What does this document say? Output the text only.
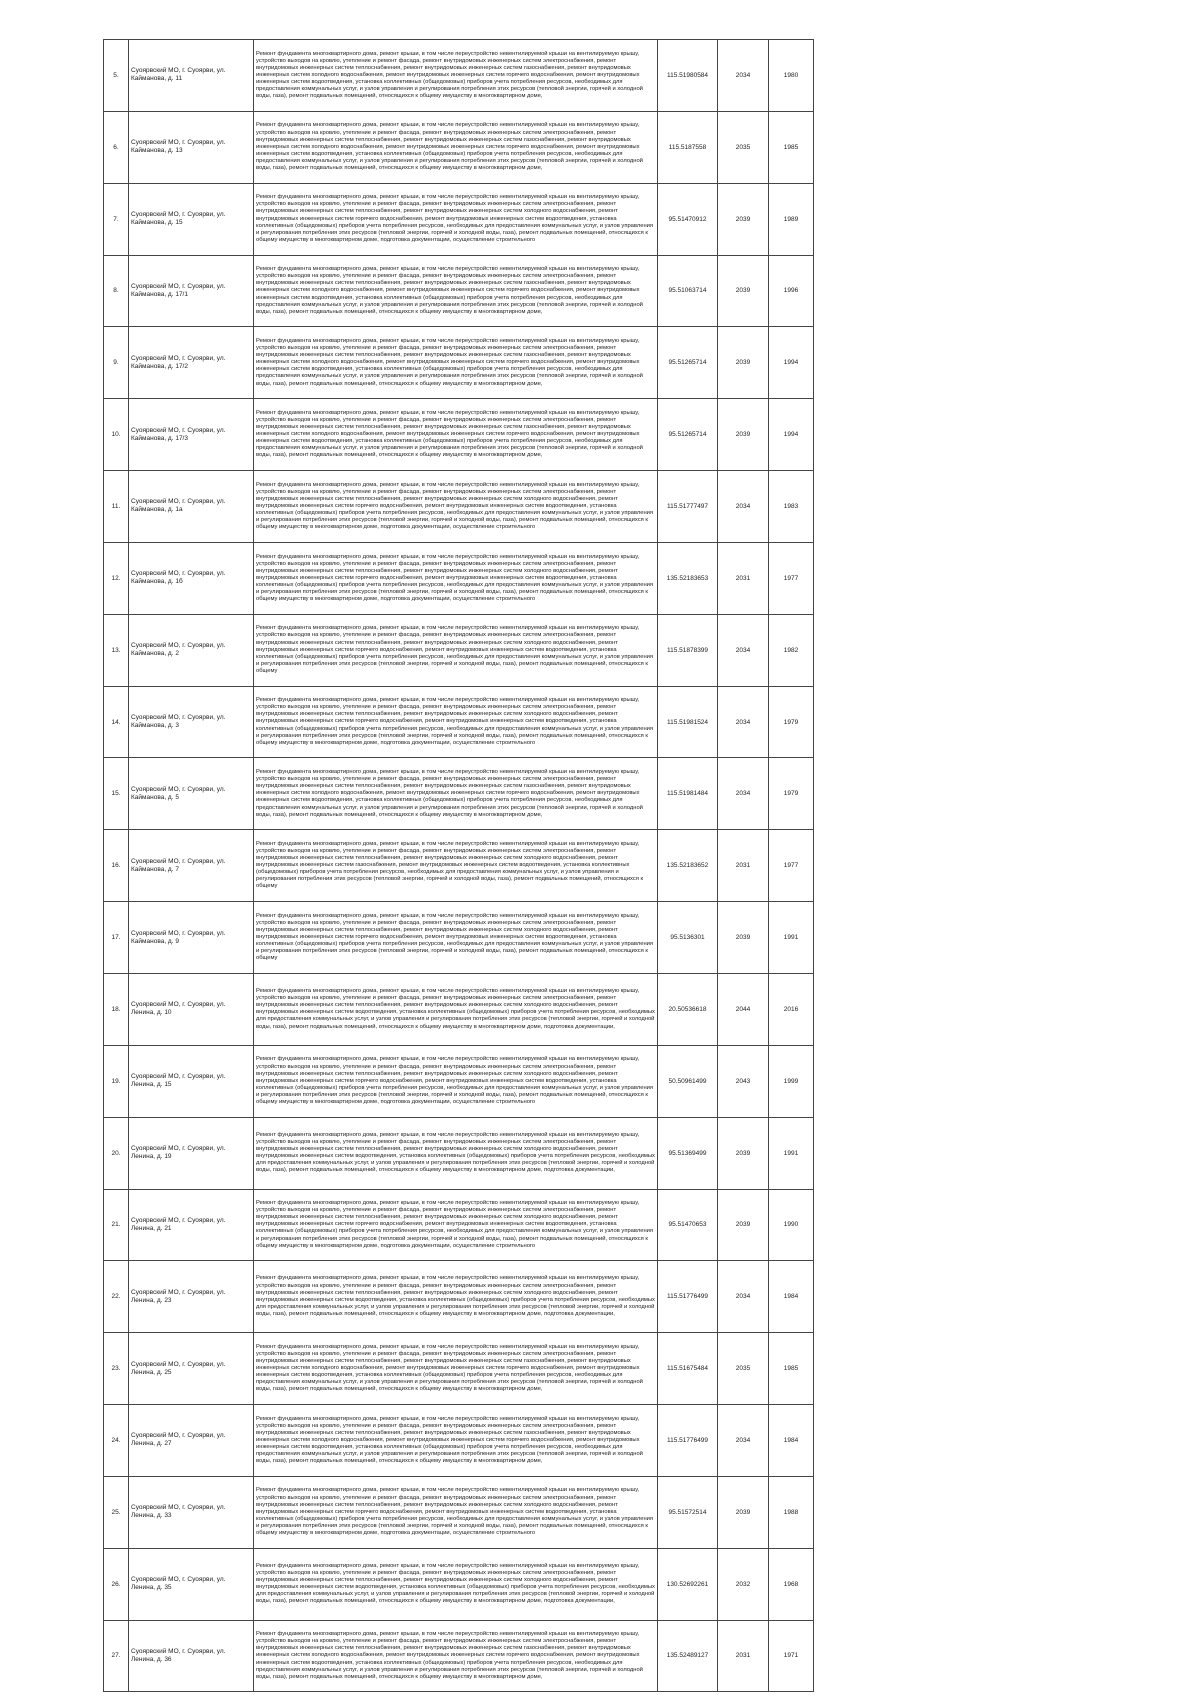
5.	Суоярвский МО, г. Суоярви, ул. Кайманова, д. 11	Ремонт фундамента многоквартирного дома, ремонт крыши, в том числе переустройство невентилируемой крыши на вентилируемую крышу, устройство выходов на кровлю, утепление и ремонт фасада, ремонт внутридомовых инженерных систем электроснабжения, ремонт внутридомовых инженерных систем теплоснабжения, ремонт внутридомовых инженерных систем газоснабжения, ремонт внутридомовых инженерных систем холодного водоснабжения, ремонт внутридомовых инженерных систем горячего водоснабжения, ремонт внутридомовых инженерных систем водоотведения, установка коллективных (общедомовых) приборов учета потребления ресурсов, необходимых для предоставления коммунальных услуг, и узлов управления и регулирования потребления этих ресурсов (тепловой энергии, горячей и холодной воды, газа), ремонт подвальных помещений, относящихся к общему имуществу в многоквартирном доме,	115.51980584	2034	1980
6.	Суоярвский МО, г. Суоярви, ул. Кайманова, д. 13	Ремонт фундамента многоквартирного дома, ремонт крыши, в том числе переустройство невентилируемой крыши на вентилируемую крышу, устройство выходов на кровлю, утепление и ремонт фасада, ремонт внутридомовых инженерных систем электроснабжения, ремонт внутридомовых инженерных систем теплоснабжения, ремонт внутридомовых инженерных систем газоснабжения, ремонт внутридомовых инженерных систем холодного водоснабжения, ремонт внутридомовых инженерных систем горячего водоснабжения, ремонт внутридомовых инженерных систем водоотведения, установка коллективных (общедомовых) приборов учета потребления ресурсов, необходимых для предоставления коммунальных услуг, и узлов управления и регулирования потребления этих ресурсов (тепловой энергии, горячей и холодной воды, газа), ремонт подвальных помещений, относящихся к общему имуществу в многоквартирном доме,	115.5187558	2035	1985
7.	Суоярвский МО, г. Суоярви, ул. Кайманова, д. 15	Ремонт фундамента многоквартирного дома, ремонт крыши, в том числе переустройство невентилируемой крыши на вентилируемую крышу, устройство выходов на кровлю, утепление и ремонт фасада, ремонт внутридомовых инженерных систем электроснабжения, ремонт внутридомовых инженерных систем теплоснабжения, ремонт внутридомовых инженерных систем холодного водоснабжения, ремонт внутридомовых инженерных систем горячего водоснабжения, ремонт внутридомовых инженерных систем водоотведения, установка коллективных (общедомовых) приборов учета потребления ресурсов, необходимых для предоставления коммунальных услуг, и узлов управления и регулирования потребления этих ресурсов (тепловой энергии, горячей и холодной воды, газа), ремонт подвальных помещений, относящихся к общему имуществу в многоквартирном доме, подготовка документации, осуществление строительного	95.51470912	2039	1989
8.	Суоярвский МО, г. Суоярви, ул. Кайманова, д. 17/1	Ремонт фундамента многоквартирного дома, ремонт крыши, в том числе переустройство невентилируемой крыши на вентилируемую крышу, устройство выходов на кровлю, утепление и ремонт фасада, ремонт внутридомовых инженерных систем электроснабжения, ремонт внутридомовых инженерных систем теплоснабжения, ремонт внутридомовых инженерных систем газоснабжения, ремонт внутридомовых инженерных систем холодного водоснабжения, ремонт внутридомовых инженерных систем горячего водоснабжения, ремонт внутридомовых инженерных систем водоотведения, установка коллективных (общедомовых) приборов учета потребления ресурсов, необходимых для предоставления коммунальных услуг, и узлов управления и регулирования потребления этих ресурсов (тепловой энергии, горячей и холодной воды, газа), ремонт подвальных помещений, относящихся к общему имуществу в многоквартирном доме,	95.51063714	2039	1996
9.	Суоярвский МО, г. Суоярви, ул. Кайманова, д. 17/2	Ремонт фундамента многоквартирного дома, ремонт крыши, в том числе переустройство невентилируемой крыши на вентилируемую крышу, устройство выходов на кровлю, утепление и ремонт фасада, ремонт внутридомовых инженерных систем электроснабжения, ремонт внутридомовых инженерных систем теплоснабжения, ремонт внутридомовых инженерных систем газоснабжения, ремонт внутридомовых инженерных систем холодного водоснабжения, ремонт внутридомовых инженерных систем горячего водоснабжения, ремонт внутридомовых инженерных систем водоотведения, установка коллективных (общедомовых) приборов учета потребления ресурсов, необходимых для предоставления коммунальных услуг, и узлов управления и регулирования потребления этих ресурсов (тепловой энергии, горячей и холодной воды, газа), ремонт подвальных помещений, относящихся к общему имуществу в многоквартирном доме,	95.51265714	2039	1994
10.	Суоярвский МО, г. Суоярви, ул. Кайманова, д. 17/3	Ремонт фундамента многоквартирного дома, ремонт крыши, в том числе переустройство невентилируемой крыши на вентилируемую крышу, устройство выходов на кровлю, утепление и ремонт фасада, ремонт внутридомовых инженерных систем электроснабжения, ремонт внутридомовых инженерных систем теплоснабжения, ремонт внутридомовых инженерных систем газоснабжения, ремонт внутридомовых инженерных систем холодного водоснабжения, ремонт внутридомовых инженерных систем горячего водоснабжения, ремонт внутридомовых инженерных систем водоотведения, установка коллективных (общедомовых) приборов учета потребления ресурсов, необходимых для предоставления коммунальных услуг, и узлов управления и регулирования потребления этих ресурсов (тепловой энергии, горячей и холодной воды, газа), ремонт подвальных помещений, относящихся к общему имуществу в многоквартирном доме,	95.51265714	2039	1994
11.	Суоярвский МО, г. Суоярви, ул. Кайманова, д. 1а	Ремонт фундамента многоквартирного дома, ремонт крыши, в том числе переустройство невентилируемой крыши на вентилируемую крышу, устройство выходов на кровлю, утепление и ремонт фасада, ремонт внутридомовых инженерных систем электроснабжения, ремонт внутридомовых инженерных систем теплоснабжения, ремонт внутридомовых инженерных систем холодного водоснабжения, ремонт внутридомовых инженерных систем горячего водоснабжения, ремонт внутридомовых инженерных систем водоотведения, установка коллективных (общедомовых) приборов учета потребления ресурсов, необходимых для предоставления коммунальных услуг, и узлов управления и регулирования потребления этих ресурсов (тепловой энергии, горячей и холодной воды, газа), ремонт подвальных помещений, относящихся к общему имуществу в многоквартирном доме, подготовка документации, осуществление строительного	115.51777497	2034	1983
12.	Суоярвский МО, г. Суоярви, ул. Кайманова, д. 1б	Ремонт фундамента многоквартирного дома, ремонт крыши, в том числе переустройство невентилируемой крыши на вентилируемую крышу, устройство выходов на кровлю, утепление и ремонт фасада, ремонт внутридомовых инженерных систем электроснабжения, ремонт внутридомовых инженерных систем теплоснабжения, ремонт внутридомовых инженерных систем холодного водоснабжения, ремонт внутридомовых инженерных систем горячего водоснабжения, ремонт внутридомовых инженерных систем водоотведения, установка коллективных (общедомовых) приборов учета потребления ресурсов, необходимых для предоставления коммунальных услуг, и узлов управления и регулирования потребления этих ресурсов (тепловой энергии, горячей и холодной воды, газа), ремонт подвальных помещений, относящихся к общему имуществу в многоквартирном доме, подготовка документации, осуществление строительного	135.52183653	2031	1977
13.	Суоярвский МО, г. Суоярви, ул. Кайманова, д. 2	Ремонт фундамента многоквартирного дома, ремонт крыши, в том числе переустройство невентилируемой крыши на вентилируемую крышу, устройство выходов на кровлю, утепление и ремонт фасада, ремонт внутридомовых инженерных систем электроснабжения, ремонт внутридомовых инженерных систем теплоснабжения, ремонт внутридомовых инженерных систем холодного водоснабжения, ремонт внутридомовых инженерных систем горячего водоснабжения, ремонт внутридомовых инженерных систем водоотведения, установка коллективных (общедомовых) приборов учета потребления ресурсов, необходимых для предоставления коммунальных услуг, и узлов управления и регулирования потребления этих ресурсов (тепловой энергии, горячей и холодной воды, газа), ремонт подвальных помещений, относящихся к общему	115.51878399	2034	1982
14.	Суоярвский МО, г. Суоярви, ул. Кайманова, д. 3	Ремонт фундамента многоквартирного дома, ремонт крыши, в том числе переустройство невентилируемой крыши на вентилируемую крышу, устройство выходов на кровлю, утепление и ремонт фасада, ремонт внутридомовых инженерных систем электроснабжения, ремонт внутридомовых инженерных систем теплоснабжения, ремонт внутридомовых инженерных систем холодного водоснабжения, ремонт внутридомовых инженерных систем горячего водоснабжения, ремонт внутридомовых инженерных систем водоотведения, установка коллективных (общедомовых) приборов учета потребления ресурсов, необходимых для предоставления коммунальных услуг, и узлов управления и регулирования потребления этих ресурсов (тепловой энергии, горячей и холодной воды, газа), ремонт подвальных помещений, относящихся к общему имуществу в многоквартирном доме, подготовка документации, осуществление строительного	115.51981524	2034	1979
15.	Суоярвский МО, г. Суоярви, ул. Кайманова, д. 5	Ремонт фундамента многоквартирного дома, ремонт крыши, в том числе переустройство невентилируемой крыши на вентилируемую крышу, устройство выходов на кровлю, утепление и ремонт фасада, ремонт внутридомовых инженерных систем электроснабжения, ремонт внутридомовых инженерных систем теплоснабжения, ремонт внутридомовых инженерных систем газоснабжения, ремонт внутридомовых инженерных систем холодного водоснабжения, ремонт внутридомовых инженерных систем горячего водоснабжения, ремонт внутридомовых инженерных систем водоотведения, установка коллективных (общедомовых) приборов учета потребления ресурсов, необходимых для предоставления коммунальных услуг, и узлов управления и регулирования потребления этих ресурсов (тепловой энергии, горячей и холодной воды, газа), ремонт подвальных помещений, относящихся к общему имуществу в многоквартирном доме,	115.51981484	2034	1979
16.	Суоярвский МО, г. Суоярви, ул. Кайманова, д. 7	Ремонт фундамента многоквартирного дома, ремонт крыши, в том числе переустройство невентилируемой крыши на вентилируемую крышу, устройство выходов на кровлю, утепление и ремонт фасада, ремонт внутридомовых инженерных систем электроснабжения, ремонт внутридомовых инженерных систем теплоснабжения, ремонт внутридомовых инженерных систем холодного водоснабжения, ремонт внутридомовых инженерных систем газоснабжения, ремонт внутридомовых инженерных систем водоотведения, установка коллективных (общедомовых) приборов учета потребления ресурсов, необходимых для предоставления коммунальных услуг, и узлов управления и регулирования потребления этих ресурсов (тепловой энергии, горячей и холодной воды, газа), ремонт подвальных помещений, относящихся к общему	135.52183652	2031	1977
17.	Суоярвский МО, г. Суоярви, ул. Кайманова, д. 9	Ремонт фундамента многоквартирного дома, ремонт крыши, в том числе переустройство невентилируемой крыши на вентилируемую крышу, устройство выходов на кровлю, утепление и ремонт фасада, ремонт внутридомовых инженерных систем электроснабжения, ремонт внутридомовых инженерных систем теплоснабжения, ремонт внутридомовых инженерных систем холодного водоснабжения, ремонт внутридомовых инженерных систем горячего водоснабжения, ремонт внутридомовых инженерных систем водоотведения, установка коллективных (общедомовых) приборов учета потребления ресурсов, необходимых для предоставления коммунальных услуг, и узлов управления и регулирования потребления этих ресурсов (тепловой энергии, горячей и холодной воды, газа), ремонт подвальных помещений, относящихся к общему	95.5136301	2039	1991
18.	Суоярвский МО, г. Суоярви, ул. Ленина, д. 10	Ремонт фундамента многоквартирного дома, ремонт крыши, в том числе переустройство невентилируемой крыши на вентилируемую крышу, устройство выходов на кровлю, утепление и ремонт фасада, ремонт внутридомовых инженерных систем электроснабжения, ремонт внутридомовых инженерных систем теплоснабжения, ремонт внутридомовых инженерных систем холодного водоснабжения, ремонт внутридомовых инженерных систем водоотведения, установка коллективных (общедомовых) приборов учета потребления ресурсов, необходимых для предоставления коммунальных услуг, и узлов управления и регулирования потребления этих ресурсов (тепловой энергии, горячей и холодной воды, газа), ремонт подвальных помещений, относящихся к общему имуществу в многоквартирном доме, подготовка документации,	20.50536618	2044	2016
19.	Суоярвский МО, г. Суоярви, ул. Ленина, д. 15	Ремонт фундамента многоквартирного дома, ремонт крыши, в том числе переустройство невентилируемой крыши на вентилируемую крышу, устройство выходов на кровлю, утепление и ремонт фасада, ремонт внутридомовых инженерных систем электроснабжения, ремонт внутридомовых инженерных систем теплоснабжения, ремонт внутридомовых инженерных систем холодного водоснабжения, ремонт внутридомовых инженерных систем горячего водоснабжения, ремонт внутридомовых инженерных систем водоотведения, установка коллективных (общедомовых) приборов учета потребления ресурсов, необходимых для предоставления коммунальных услуг, и узлов управления и регулирования потребления этих ресурсов (тепловой энергии, горячей и холодной воды, газа), ремонт подвальных помещений, относящихся к общему имуществу в многоквартирном доме, подготовка документации, осуществление строительного	50.50961499	2043	1999
20.	Суоярвский МО, г. Суоярви, ул. Ленина, д. 19	Ремонт фундамента многоквартирного дома, ремонт крыши, в том числе переустройство невентилируемой крыши на вентилируемую крышу, устройство выходов на кровлю, утепление и ремонт фасада, ремонт внутридомовых инженерных систем электроснабжения, ремонт внутридомовых инженерных систем теплоснабжения, ремонт внутридомовых инженерных систем холодного водоснабжения, ремонт внутридомовых инженерных систем водоотведения, установка коллективных (общедомовых) приборов учета потребления ресурсов, необходимых для предоставления коммунальных услуг, и узлов управления и регулирования потребления этих ресурсов (тепловой энергии, горячей и холодной воды, газа), ремонт подвальных помещений, относящихся к общему имуществу в многоквартирном доме, подготовка документации,	95.51369499	2039	1991
21.	Суоярвский МО, г. Суоярви, ул. Ленина, д. 21	Ремонт фундамента многоквартирного дома, ремонт крыши, в том числе переустройство невентилируемой крыши на вентилируемую крышу, устройство выходов на кровлю, утепление и ремонт фасада, ремонт внутридомовых инженерных систем электроснабжения, ремонт внутридомовых инженерных систем теплоснабжения, ремонт внутридомовых инженерных систем холодного водоснабжения, ремонт внутридомовых инженерных систем горячего водоснабжения, ремонт внутридомовых инженерных систем водоотведения, установка коллективных (общедомовых) приборов учета потребления ресурсов, необходимых для предоставления коммунальных услуг, и узлов управления и регулирования потребления этих ресурсов (тепловой энергии, горячей и холодной воды, газа), ремонт подвальных помещений, относящихся к общему имуществу в многоквартирном доме, подготовка документации, осуществление строительного	95.51470653	2039	1990
22.	Суоярвский МО, г. Суоярви, ул. Ленина, д. 23	Ремонт фундамента многоквартирного дома, ремонт крыши, в том числе переустройство невентилируемой крыши на вентилируемую крышу, устройство выходов на кровлю, утепление и ремонт фасада, ремонт внутридомовых инженерных систем электроснабжения, ремонт внутридомовых инженерных систем теплоснабжения, ремонт внутридомовых инженерных систем холодного водоснабжения, ремонт внутридомовых инженерных систем водоотведения, установка коллективных (общедомовых) приборов учета потребления ресурсов, необходимых для предоставления коммунальных услуг, и узлов управления и регулирования потребления этих ресурсов (тепловой энергии, горячей и холодной воды, газа), ремонт подвальных помещений, относящихся к общему имуществу в многоквартирном доме, подготовка документации,	115.51776499	2034	1984
23.	Суоярвский МО, г. Суоярви, ул. Ленина, д. 25	Ремонт фундамента многоквартирного дома, ремонт крыши, в том числе переустройство невентилируемой крыши на вентилируемую крышу, устройство выходов на кровлю, утепление и ремонт фасада, ремонт внутридомовых инженерных систем электроснабжения, ремонт внутридомовых инженерных систем теплоснабжения, ремонт внутридомовых инженерных систем газоснабжения, ремонт внутридомовых инженерных систем холодного водоснабжения, ремонт внутридомовых инженерных систем горячего водоснабжения, ремонт внутридомовых инженерных систем водоотведения, установка коллективных (общедомовых) приборов учета потребления ресурсов, необходимых для предоставления коммунальных услуг, и узлов управления и регулирования потребления этих ресурсов (тепловой энергии, горячей и холодной воды, газа), ремонт подвальных помещений, относящихся к общему имуществу в многоквартирном доме,	115.51675484	2035	1985
24.	Суоярвский МО, г. Суоярви, ул. Ленина, д. 27	Ремонт фундамента многоквартирного дома, ремонт крыши, в том числе переустройство невентилируемой крыши на вентилируемую крышу, устройство выходов на кровлю, утепление и ремонт фасада, ремонт внутридомовых инженерных систем электроснабжения, ремонт внутридомовых инженерных систем теплоснабжения, ремонт внутридомовых инженерных систем газоснабжения, ремонт внутридомовых инженерных систем холодного водоснабжения, ремонт внутридомовых инженерных систем горячего водоснабжения, ремонт внутридомовых инженерных систем водоотведения, установка коллективных (общедомовых) приборов учета потребления ресурсов, необходимых для предоставления коммунальных услуг, и узлов управления и регулирования потребления этих ресурсов (тепловой энергии, горячей и холодной воды, газа), ремонт подвальных помещений, относящихся к общему имуществу в многоквартирном доме,	115.51776499	2034	1984
25.	Суоярвский МО, г. Суоярви, ул. Ленина, д. 33	Ремонт фундамента многоквартирного дома, ремонт крыши, в том числе переустройство невентилируемой крыши на вентилируемую крышу, устройство выходов на кровлю, утепление и ремонт фасада, ремонт внутридомовых инженерных систем электроснабжения, ремонт внутридомовых инженерных систем теплоснабжения, ремонт внутридомовых инженерных систем холодного водоснабжения, ремонт внутридомовых инженерных систем горячего водоснабжения, ремонт внутридомовых инженерных систем водоотведения, установка коллективных (общедомовых) приборов учета потребления ресурсов, необходимых для предоставления коммунальных услуг, и узлов управления и регулирования потребления этих ресурсов (тепловой энергии, горячей и холодной воды, газа), ремонт подвальных помещений, относящихся к общему имуществу в многоквартирном доме, подготовка документации, осуществление строительного	95.51572514	2039	1988
26.	Суоярвский МО, г. Суоярви, ул. Ленина, д. 35	Ремонт фундамента многоквартирного дома, ремонт крыши, в том числе переустройство невентилируемой крыши на вентилируемую крышу, устройство выходов на кровлю, утепление и ремонт фасада, ремонт внутридомовых инженерных систем электроснабжения, ремонт внутридомовых инженерных систем теплоснабжения, ремонт внутридомовых инженерных систем холодного водоснабжения, ремонт внутридомовых инженерных систем водоотведения, установка коллективных (общедомовых) приборов учета потребления ресурсов, необходимых для предоставления коммунальных услуг, и узлов управления и регулирования потребления этих ресурсов (тепловой энергии, горячей и холодной воды, газа), ремонт подвальных помещений, относящихся к общему имуществу в многоквартирном доме, подготовка документации,	130.52692261	2032	1968
27.	Суоярвский МО, г. Суоярви, ул. Ленина, д. 36	Ремонт фундамента многоквартирного дома, ремонт крыши, в том числе переустройство невентилируемой крыши на вентилируемую крышу, устройство выходов на кровлю, утепление и ремонт фасада, ремонт внутридомовых инженерных систем электроснабжения, ремонт внутридомовых инженерных систем теплоснабжения, ремонт внутридомовых инженерных систем газоснабжения, ремонт внутридомовых инженерных систем холодного водоснабжения, ремонт внутридомовых инженерных систем горячего водоснабжения, ремонт внутридомовых инженерных систем водоотведения, установка коллективных (общедомовых) приборов учета потребления ресурсов, необходимых для предоставления коммунальных услуг, и узлов управления и регулирования потребления этих ресурсов (тепловой энергии, горячей и холодной воды, газа), ремонт подвальных помещений, относящихся к общему имуществу в многоквартирном доме,	135.52489127	2031	1971
